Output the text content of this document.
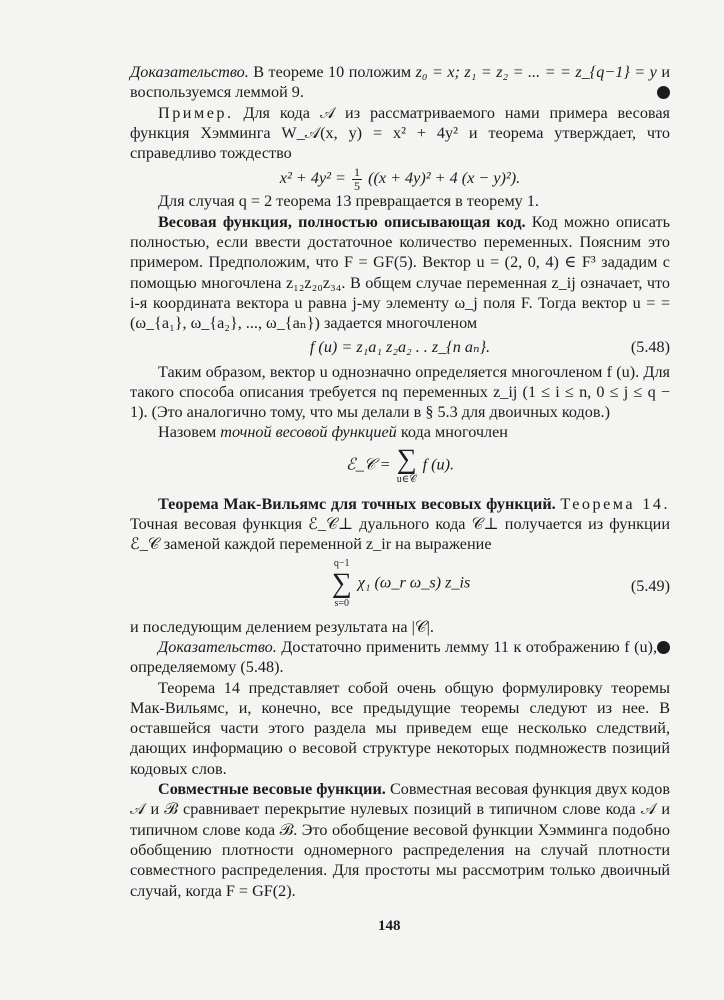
Доказательство. В теореме 10 положим z₀ = x; z₁ = z₂ = ... = = z_{q−1} = y и воспользуемся леммой 9.

Пример. Для кода 𝒜 из рассматриваемого нами примера весовая функция Хэмминга W_𝒜(x, y) = x² + 4y² и теорема утверждает, что справедливо тождество

$x^2 + 4y^2 = \frac{1}{5} ((x + 4y)^2 + 4$ (x − y)²).

Для случая q = 2 теорема 13 превращается в теорему 1.

Весовая функция, полностью описывающая код. Код можно описать полностью, если ввести достаточное количество переменных. Поясним это примером. Предположим, что F = GF(5). Вектор u = (2, 0, 4) ∈ F³ зададим с помощью многочлена z₁₂z₂₀z₃₄. В общем случае переменная z_ij означает, что i-я координата вектора u равна j-му элементу ω_j поля F. Тогда вектор u = = (ω_{a₁}, ω_{a₂}, ..., ω_{aₙ}) задается многочленом

f (u) = z₁a₁ z₂a₂ . . z_{n aₙ}.	(5.48)

Таким образом, вектор u однозначно определяется многочленом f (u). Для такого способа описания требуется nq переменных z_ij (1 ≤ i ≤ n, 0 ≤ j ≤ q − 1). (Это аналогично тому, что мы делали в § 5.3 для двоичных кодов.)

Назовем точной весовой функцией кода многочлен

ℰ_𝒞 = ∑
u∈𝒞
f (u).

Теорема Мак-Вильямс для точных весовых функций. Теорема 14. Точная весовая функция ℰ_𝒞⊥ дуального кода 𝒞⊥ получается из функции ℰ_𝒞 заменой каждой переменной z_ir на выражение

q−1
∑
s=0
χ₁ (ω_r ω_s) z_is	(5.49)

и последующим делением результата на |𝒞|.

Доказательство. Достаточно применить лемму 11 к отображению f (u), определяемому (5.48).

Теорема 14 представляет собой очень общую формулировку теоремы Мак-Вильямс, и, конечно, все предыдущие теоремы следуют из нее. В оставшейся части этого раздела мы приведем еще несколько следствий, дающих информацию о весовой структуре некоторых подмножеств позиций кодовых слов.

Совместные весовые функции. Совместная весовая функция двух кодов 𝒜 и ℬ сравнивает перекрытие нулевых позиций в типичном слове кода 𝒜 и типичном слове кода ℬ. Это обобщение весовой функции Хэмминга подобно обобщению плотности одномерного распределения на случай плотности совместного распределения. Для простоты мы рассмотрим только двоичный случай, когда F = GF(2).

148
